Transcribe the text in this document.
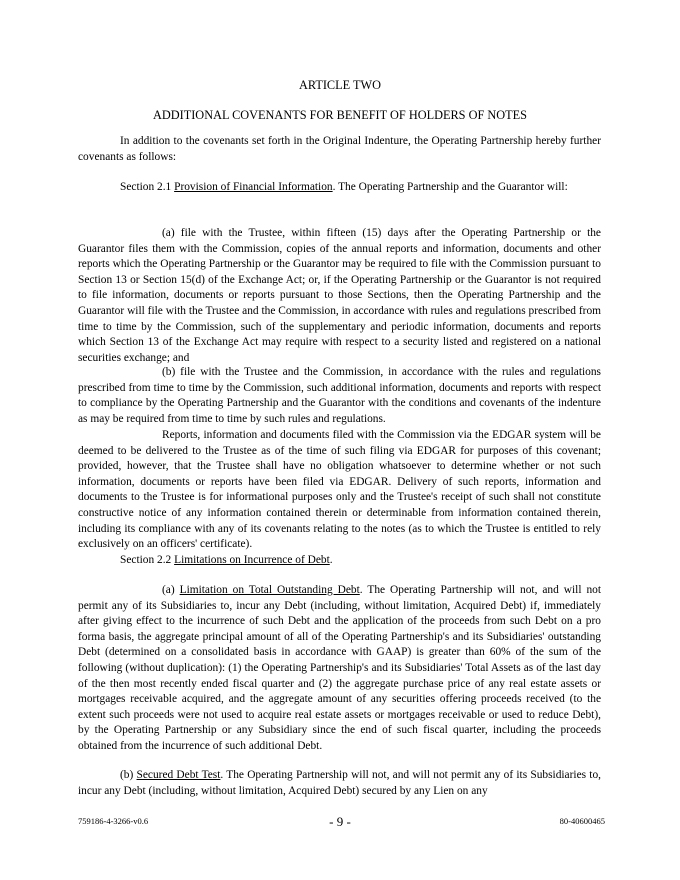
ARTICLE TWO
ADDITIONAL COVENANTS FOR BENEFIT OF HOLDERS OF NOTES

In addition to the covenants set forth in the Original Indenture, the Operating Partnership hereby further covenants as follows:

Section 2.1 Provision of Financial Information. The Operating Partnership and the Guarantor will:

(a) file with the Trustee, within fifteen (15) days after the Operating Partnership or the Guarantor files them with the Commission, copies of the annual reports and information, documents and other reports which the Operating Partnership or the Guarantor may be required to file with the Commission pursuant to Section 13 or Section 15(d) of the Exchange Act; or, if the Operating Partnership or the Guarantor is not required to file information, documents or reports pursuant to those Sections, then the Operating Partnership and the Guarantor will file with the Trustee and the Commission, in accordance with rules and regulations prescribed from time to time by the Commission, such of the supplementary and periodic information, documents and reports which Section 13 of the Exchange Act may require with respect to a security listed and registered on a national securities exchange; and

(b) file with the Trustee and the Commission, in accordance with the rules and regulations prescribed from time to time by the Commission, such additional information, documents and reports with respect to compliance by the Operating Partnership and the Guarantor with the conditions and covenants of the indenture as may be required from time to time by such rules and regulations.

Reports, information and documents filed with the Commission via the EDGAR system will be deemed to be delivered to the Trustee as of the time of such filing via EDGAR for purposes of this covenant; provided, however, that the Trustee shall have no obligation whatsoever to determine whether or not such information, documents or reports have been filed via EDGAR. Delivery of such reports, information and documents to the Trustee is for informational purposes only and the Trustee's receipt of such shall not constitute constructive notice of any information contained therein or determinable from information contained therein, including its compliance with any of its covenants relating to the notes (as to which the Trustee is entitled to rely exclusively on an officers' certificate).

Section 2.2 Limitations on Incurrence of Debt.

(a) Limitation on Total Outstanding Debt. The Operating Partnership will not, and will not permit any of its Subsidiaries to, incur any Debt (including, without limitation, Acquired Debt) if, immediately after giving effect to the incurrence of such Debt and the application of the proceeds from such Debt on a pro forma basis, the aggregate principal amount of all of the Operating Partnership's and its Subsidiaries' outstanding Debt (determined on a consolidated basis in accordance with GAAP) is greater than 60% of the sum of the following (without duplication): (1) the Operating Partnership's and its Subsidiaries' Total Assets as of the last day of the then most recently ended fiscal quarter and (2) the aggregate purchase price of any real estate assets or mortgages receivable acquired, and the aggregate amount of any securities offering proceeds received (to the extent such proceeds were not used to acquire real estate assets or mortgages receivable or used to reduce Debt), by the Operating Partnership or any Subsidiary since the end of such fiscal quarter, including the proceeds obtained from the incurrence of such additional Debt.

(b) Secured Debt Test. The Operating Partnership will not, and will not permit any of its Subsidiaries to, incur any Debt (including, without limitation, Acquired Debt) secured by any Lien on any

759186-4-3266-v0.6	- 9 -	80-40600465
